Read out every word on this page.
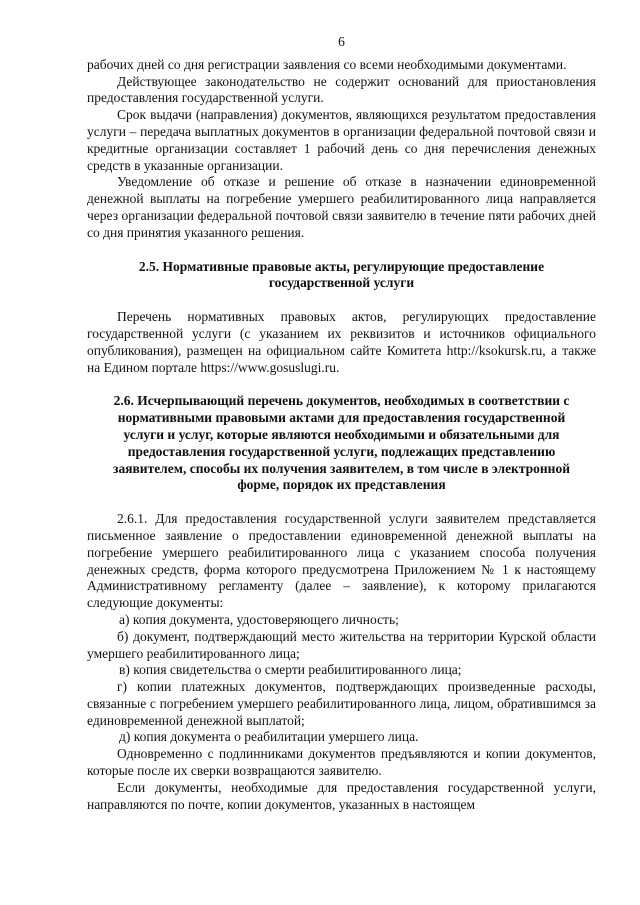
6

рабочих дней со дня регистрации заявления со всеми необходимыми документами.

Действующее законодательство не содержит оснований для приостановления предоставления государственной услуги.

Срок выдачи (направления) документов, являющихся результатом предоставления услуги – передача выплатных документов в организации федеральной почтовой связи и кредитные организации составляет 1 рабочий день со дня перечисления денежных средств в указанные организации.

Уведомление об отказе и решение об отказе в назначении единовременной денежной выплаты на погребение умершего реабилитированного лица направляется через организации федеральной почтовой связи заявителю в течение пяти рабочих дней со дня принятия указанного решения.

2.5. Нормативные правовые акты, регулирующие предоставление государственной услуги

Перечень нормативных правовых актов, регулирующих предоставление государственной услуги (с указанием их реквизитов и источников официального опубликования), размещен на официальном сайте Комитета http://ksokursk.ru, а также на Едином портале https://www.gosuslugi.ru.

2.6. Исчерпывающий перечень документов, необходимых в соответствии с нормативными правовыми актами для предоставления государственной услуги и услуг, которые являются необходимыми и обязательными для предоставления государственной услуги, подлежащих представлению заявителем, способы их получения заявителем, в том числе в электронной форме, порядок их представления

2.6.1. Для предоставления государственной услуги заявителем представляется письменное заявление о предоставлении единовременной денежной выплаты на погребение умершего реабилитированного лица с указанием способа получения денежных средств, форма которого предусмотрена Приложением № 1 к настоящему Административному регламенту (далее – заявление), к которому прилагаются следующие документы:

а) копия документа, удостоверяющего личность;

б) документ, подтверждающий место жительства на территории Курской области умершего реабилитированного лица;

в) копия свидетельства о смерти реабилитированного лица;

г) копии платежных документов, подтверждающих произведенные расходы, связанные с погребением умершего реабилитированного лица, лицом, обратившимся за единовременной денежной выплатой;

д) копия документа о реабилитации умершего лица.

Одновременно с подлинниками документов предъявляются и копии документов, которые после их сверки возвращаются заявителю.

Если документы, необходимые для предоставления государственной услуги, направляются по почте, копии документов, указанных в настоящем
